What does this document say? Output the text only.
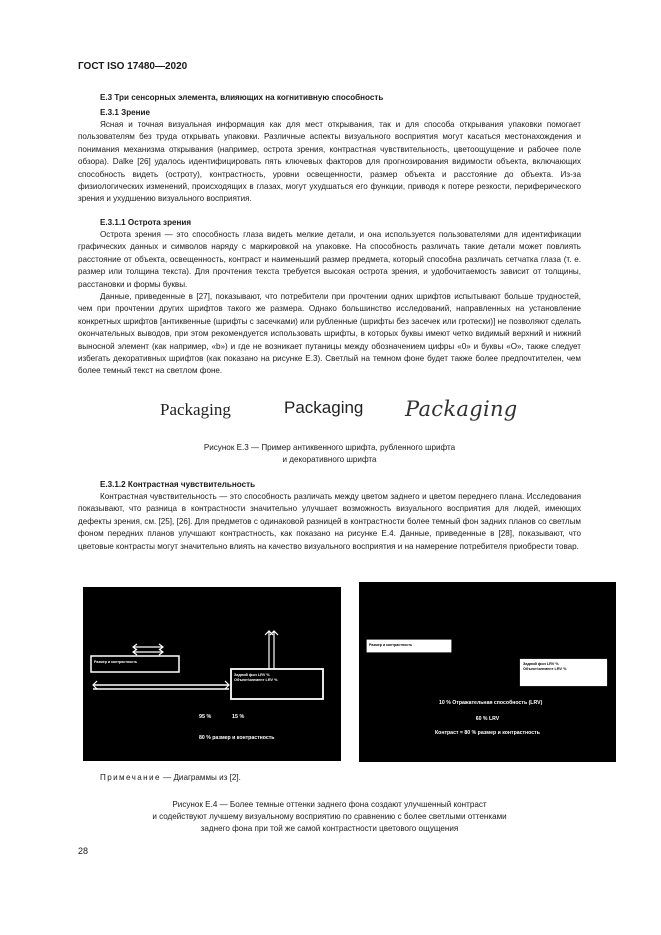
ГОСТ ISO 17480—2020
Е.3 Три сенсорных элемента, влияющих на когнитивную способность
Е.3.1 Зрение

Ясная и точная визуальная информация как для мест открывания, так и для способа открывания упаковки помогает пользователям без труда открывать упаковки. Различные аспекты визуального восприятия могут касаться местонахождения и понимания механизма открывания (например, острота зрения, контрастная чувствительность, цветоощущение и рабочее поле обзора). Dalke [26] удалось идентифицировать пять ключевых факторов для прогнозирования видимости объекта, включающих способность видеть (остроту), контрастность, уровни освещенности, размер объекта и расстояние до объекта. Из-за физиологических изменений, происходящих в глазах, могут ухудшаться его функции, приводя к потере резкости, периферического зрения и ухудшению визуального восприятия.

Е.3.1.1 Острота зрения

Острота зрения — это способность глаза видеть мелкие детали, и она используется пользователями для идентификации графических данных и символов наряду с маркировкой на упаковке. На способность различать такие детали может повлиять расстояние от объекта, освещенность, контраст и наименьший размер предмета, который способна различать сетчатка глаза (т. е. размер или толщина текста). Для прочтения текста требуется высокая острота зрения, и удобочитаемость зависит от толщины, расстановки и формы буквы.

Данные, приведенные в [27], показывают, что потребители при прочтении одних шрифтов испытывают больше трудностей, чем при прочтении других шрифтов такого же размера. Однако большинство исследований, направленных на установление конкретных шрифтов [антиквенные (шрифты с засечками) или рубленные (шрифты без засечек или гротески)] не позволяют сделать окончательных выводов, при этом рекомендуется использовать шрифты, в которых буквы имеют четко видимый верхний и нижний выносной элемент (как например, «b») и где не возникает путаницы между обозначением цифры «0» и буквы «О», также следует избегать декоративных шрифтов (как показано на рисунке Е.3). Светлый на темном фоне будет также более предпочтителен, чем более темный текст на светлом фоне.

Packaging	Packaging Packaging
Рисунок Е.3 — Пример антиквенного шрифта, рубленного шрифта
и декоративного шрифта
Е.3.1.2 Контрастная чувствительность

Контрастная чувствительность — это способность различать между цветом заднего и цветом переднего плана. Исследования показывают, что разница в контрастности значительно улучшает возможность визуального восприятия для людей, имеющих дефекты зрения, см. [25], [26]. Для предметов с одинаковой разницей в контрастности более темный фон задних планов со светлым фоном передних планов улучшают контрастность, как показано на рисунке Е.4. Данные, приведенные в [28], показывают, что цветовые контрасты могут значительно влиять на качество визуального восприятия и на намерение потребителя приобрести товар.

Размер и контрастность
Задний фон LRV %
Объект/элемент LRV %
95 %	15 %
80 % размер и контрастность
Размер и контрастность
Задний фон LRV %
Объект/элемент LRV %
10 % Отражательная способность (LRV)
60 % LRV
Контраст = 80 % размер и контрастность
Примечание — Диаграммы из [2].
Рисунок Е.4 — Более темные оттенки заднего фона создают улучшенный контраст
и содействуют лучшему визуальному восприятию по сравнению с более светлыми оттенками
заднего фона при той же самой контрастности цветового ощущения
28
